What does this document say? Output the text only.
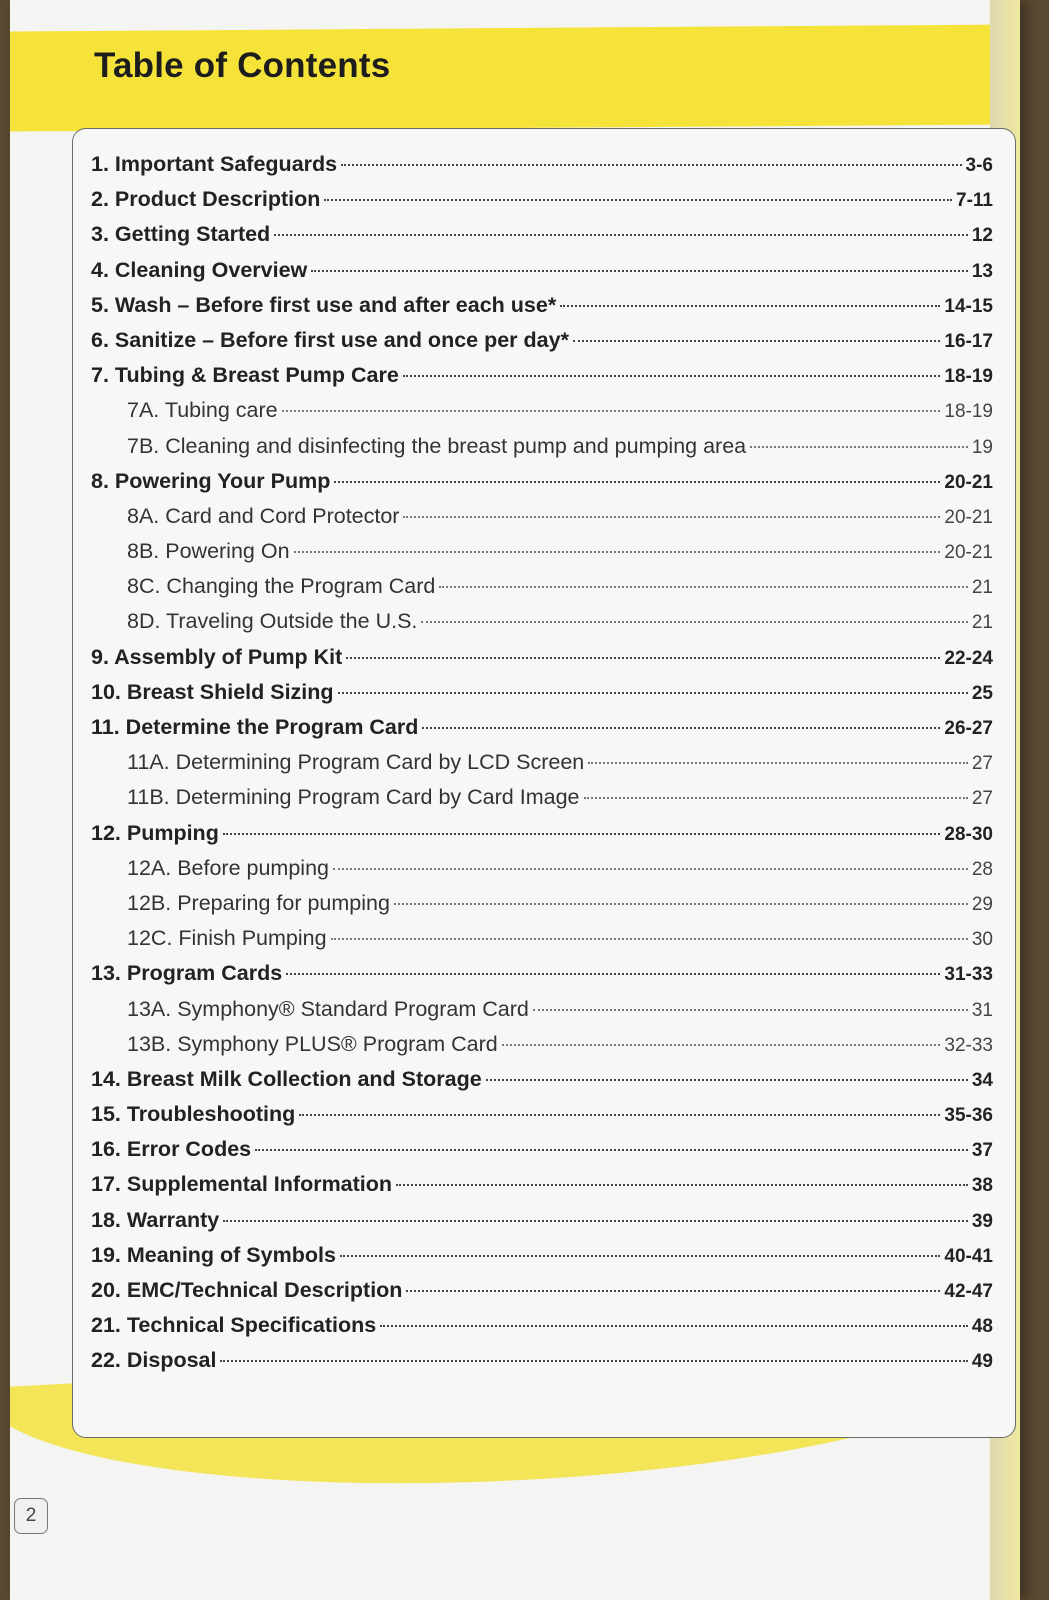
Table of Contents
1. Important Safeguards	3-6
2. Product Description	7-11
3. Getting Started	12
4. Cleaning Overview	13
5. Wash – Before first use and after each use*	14-15
6. Sanitize – Before first use and once per day*	16-17
7. Tubing & Breast Pump Care	18-19
7A. Tubing care	18-19
7B. Cleaning and disinfecting the breast pump and pumping area	19
8. Powering Your Pump	20-21
8A. Card and Cord Protector	20-21
8B. Powering On	20-21
8C. Changing the Program Card	21
8D. Traveling Outside the U.S.	21
9. Assembly of Pump Kit	22-24
10. Breast Shield Sizing	25
11. Determine the Program Card	26-27
11A. Determining Program Card by LCD Screen	27
11B. Determining Program Card by Card Image	27
12. Pumping	28-30
12A. Before pumping	28
12B. Preparing for pumping	29
12C. Finish Pumping	30
13. Program Cards	31-33
13A. Symphony® Standard Program Card	31
13B. Symphony PLUS® Program Card	32-33
14. Breast Milk Collection and Storage	34
15. Troubleshooting	35-36
16. Error Codes	37
17. Supplemental Information	38
18. Warranty	39
19. Meaning of Symbols	40-41
20. EMC/Technical Description	42-47
21. Technical Specifications	48
22. Disposal	49
2
